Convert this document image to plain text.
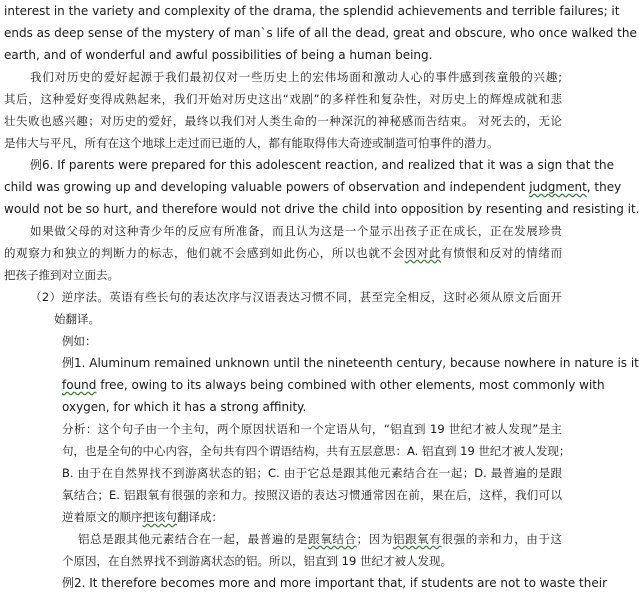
interest in the variety and complexity of the drama, the splendid achievements and terrible failures; it
ends as deep sense of the mystery of man`s life of all the dead, great and obscure, who once walked the
earth, and of wonderful and awful possibilities of being a human being.
我们对历史的爱好起源于我们最初仅对一些历史上的宏伟场面和激动人心的事件感到孩童般的兴趣;
其后，这种爱好变得成熟起来，我们开始对历史这出“戏剧”的多样性和复杂性，对历史上的辉煌成就和悲
壮失败也感兴趣；对历史的爱好，最终以我们对人类生命的一种深沉的神秘感而告结束。 对死去的，无论
是伟大与平凡，所有在这个地球上走过而已逝的人，都有能取得伟大奇迹或制造可怕事件的潜力。
例6. If parents were prepared for this adolescent reaction, and realized that it was a sign that the
child was growing up and developing valuable powers of observation and independent judgment, they
would not be so hurt, and therefore would not drive the child into opposition by resenting and resisting it.
如果做父母的对这种青少年的反应有所准备，而且认为这是一个显示出孩子正在成长，正在发展珍贵
的观察力和独立的判断力的标志，他们就不会感到如此伤心，所以也就不会因对此有愤恨和反对的情绪而
把孩子推到对立面去。
（2）逆序法。英语有些长句的表达次序与汉语表达习惯不同，甚至完全相反，这时必须从原文后面开
始翻译。
例如：
例1. Aluminum remained unknown until the nineteenth century, because nowhere in nature is it
found free, owing to its always being combined with other elements, most commonly with
oxygen, for which it has a strong affinity.
分析：这个句子由一个主句，两个原因状语和一个定语从句，“铝直到 19 世纪才被人发现”是主
句，也是全句的中心内容，全句共有四个谓语结构，共有五层意思：A. 铝直到 19 世纪才被人发现；
B. 由于在自然界找不到游离状态的铝；C. 由于它总是跟其他元素结合在一起；D. 最普遍的是跟
氧结合；E. 铝跟氧有很强的亲和力。按照汉语的表达习惯通常因在前，果在后，这样，我们可以
逆着原文的顺序把该句翻译成：
铝总是跟其他元素结合在一起，最普遍的是跟氧结合；因为铝跟氧有很强的亲和力，由于这
个原因，在自然界找不到游离状态的铝。所以，铝直到 19 世纪才被人发现。
例2. It therefore becomes more and more important that, if students are not to waste their
